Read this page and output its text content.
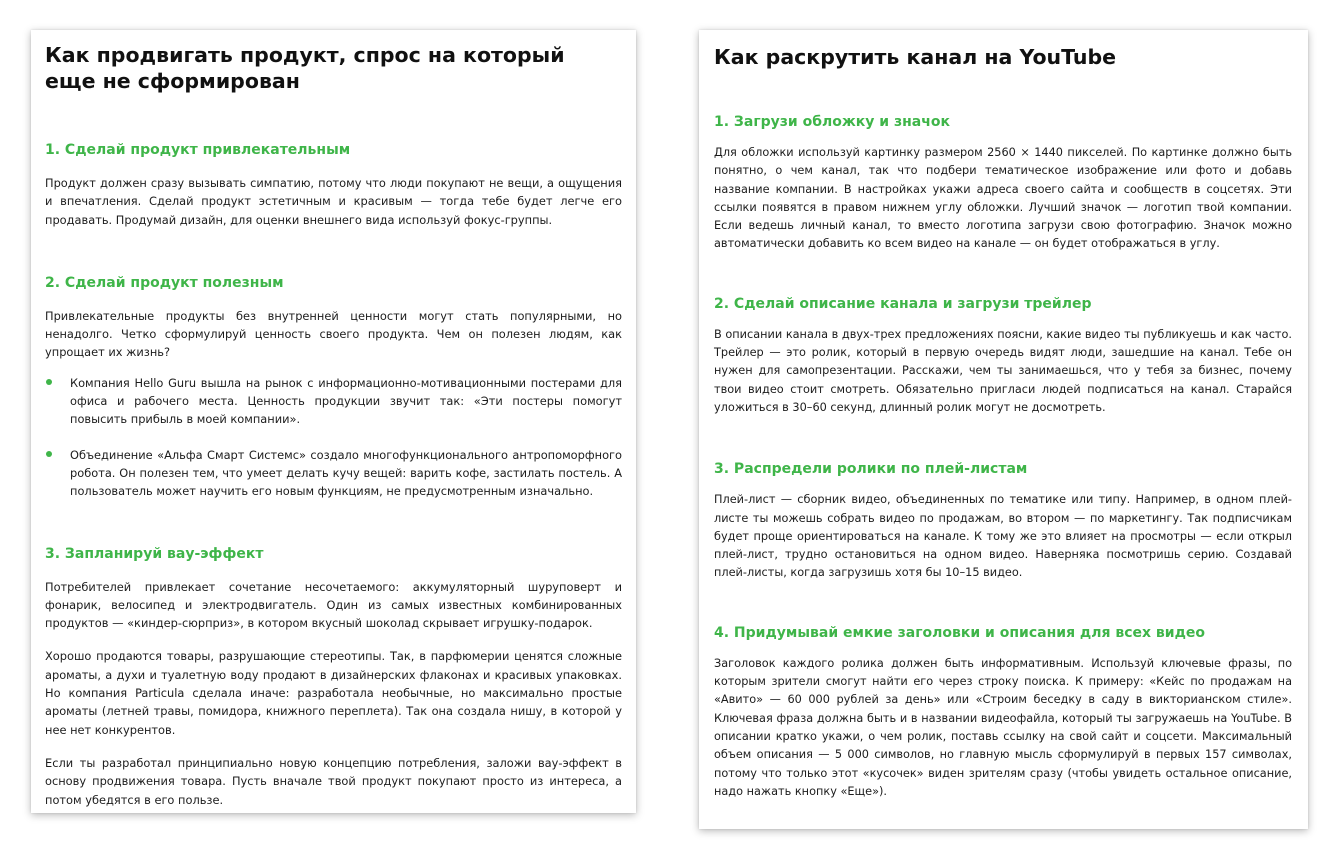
Как продвигать продукт, спрос на который еще не сформирован
1. Сделай продукт привлекательным

Продукт должен сразу вызывать симпатию, потому что люди покупают не вещи, а ощущения и впечатления. Сделай продукт эстетичным и красивым — тогда тебе будет легче его продавать. Продумай дизайн, для оценки внешнего вида используй фокус-группы.

2. Сделай продукт полезным

Привлекательные продукты без внутренней ценности могут стать популярными, но ненадолго. Четко сформулируй ценность своего продукта. Чем он полезен людям, как упрощает их жизнь?

Компания Hello Guru вышла на рынок с информационно-мотивационными постерами для офиса и рабочего места. Ценность продукции звучит так: «Эти постеры помогут повысить прибыль в моей компании».
Объединение «Альфа Смарт Системс» создало многофункционального антропоморфного робота. Он полезен тем, что умеет делать кучу вещей: варить кофе, застилать постель. А пользователь может научить его новым функциям, не предусмотренным изначально.
3. Запланируй вау-эффект

Потребителей привлекает сочетание несочетаемого: аккумуляторный шуруповерт и фонарик, велосипед и электродвигатель. Один из самых известных комбинированных продуктов — «киндер-сюрприз», в котором вкусный шоколад скрывает игрушку-подарок.

Хорошо продаются товары, разрушающие стереотипы. Так, в парфюмерии ценятся сложные ароматы, а духи и туалетную воду продают в дизайнерских флаконах и красивых упаковках. Но компания Particula сделала иначе: разработала необычные, но максимально простые ароматы (летней травы, помидора, книжного переплета). Так она создала нишу, в которой у нее нет конкурентов.

Если ты разработал принципиально новую концепцию потребления, заложи вау-эффект в основу продвижения товара. Пусть вначале твой продукт покупают просто из интереса, а потом убедятся в его пользе.

Как раскрутить канал на YouTube
1. Загрузи обложку и значок

Для обложки используй картинку размером 2560 × 1440 пикселей. По картинке должно быть понятно, о чем канал, так что подбери тематическое изображение или фото и добавь название компании. В настройках укажи адреса своего сайта и сообществ в соцсетях. Эти ссылки появятся в правом нижнем углу обложки. Лучший значок — логотип твой компании. Если ведешь личный канал, то вместо логотипа загрузи свою фотографию. Значок можно автоматически добавить ко всем видео на канале — он будет отображаться в углу.

2. Сделай описание канала и загрузи трейлер

В описании канала в двух-трех предложениях поясни, какие видео ты публикуешь и как часто. Трейлер — это ролик, который в первую очередь видят люди, зашедшие на канал. Тебе он нужен для самопрезентации. Расскажи, чем ты занимаешься, что у тебя за бизнес, почему твои видео стоит смотреть. Обязательно пригласи людей подписаться на канал. Старайся уложиться в 30–60 секунд, длинный ролик могут не досмотреть.

3. Распредели ролики по плей-листам

Плей-лист — сборник видео, объединенных по тематике или типу. Например, в одном плей-листе ты можешь собрать видео по продажам, во втором — по маркетингу. Так подписчикам будет проще ориентироваться на канале. К тому же это влияет на просмотры — если открыл плей-лист, трудно остановиться на одном видео. Наверняка посмотришь серию. Создавай плей-листы, когда загрузишь хотя бы 10–15 видео.

4. Придумывай емкие заголовки и описания для всех видео

Заголовок каждого ролика должен быть информативным. Используй ключевые фразы, по которым зрители смогут найти его через строку поиска. К примеру: «Кейс по продажам на «Авито» — 60 000 рублей за день» или «Строим беседку в саду в викторианском стиле». Ключевая фраза должна быть и в названии видеофайла, который ты загружаешь на YouTube. В описании кратко укажи, о чем ролик, поставь ссылку на свой сайт и соцсети. Максимальный объем описания — 5 000 символов, но главную мысль сформулируй в первых 157 символах, потому что только этот «кусочек» виден зрителям сразу (чтобы увидеть остальное описание, надо нажать кнопку «Еще»).
